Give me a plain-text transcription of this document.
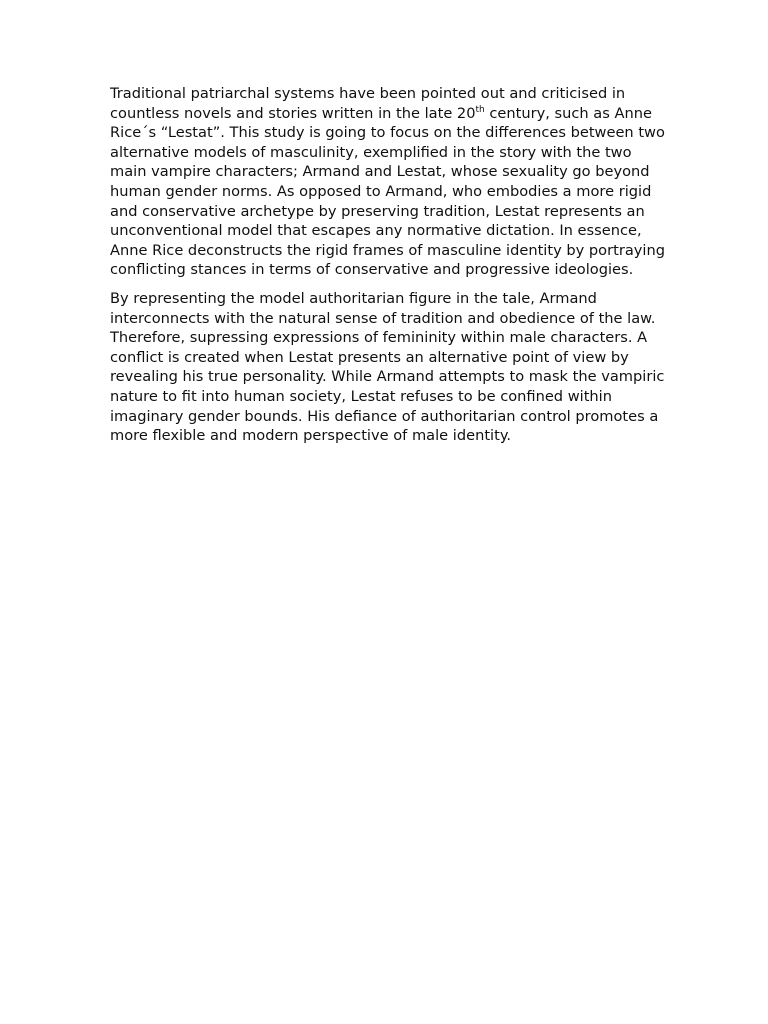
Traditional patriarchal systems have been pointed out and criticised in countless novels and stories written in the late 20th century, such as Anne Rice´s “Lestat”. This study is going to focus on the differences between two alternative models of masculinity, exemplified in the story with the two main vampire characters; Armand and Lestat, whose sexuality go beyond human gender norms. As opposed to Armand, who embodies a more rigid and conservative archetype by preserving tradition, Lestat represents an unconventional model that escapes any normative dictation. In essence, Anne Rice deconstructs the rigid frames of masculine identity by portraying conflicting stances in terms of conservative and progressive ideologies.

By representing the model authoritarian figure in the tale, Armand interconnects with the natural sense of tradition and obedience of the law. Therefore, supressing expressions of femininity within male characters. A conflict is created when Lestat presents an alternative point of view by revealing his true personality. While Armand attempts to mask the vampiric nature to fit into human society, Lestat refuses to be confined within imaginary gender bounds. His defiance of authoritarian control promotes a more flexible and modern perspective of male identity.
